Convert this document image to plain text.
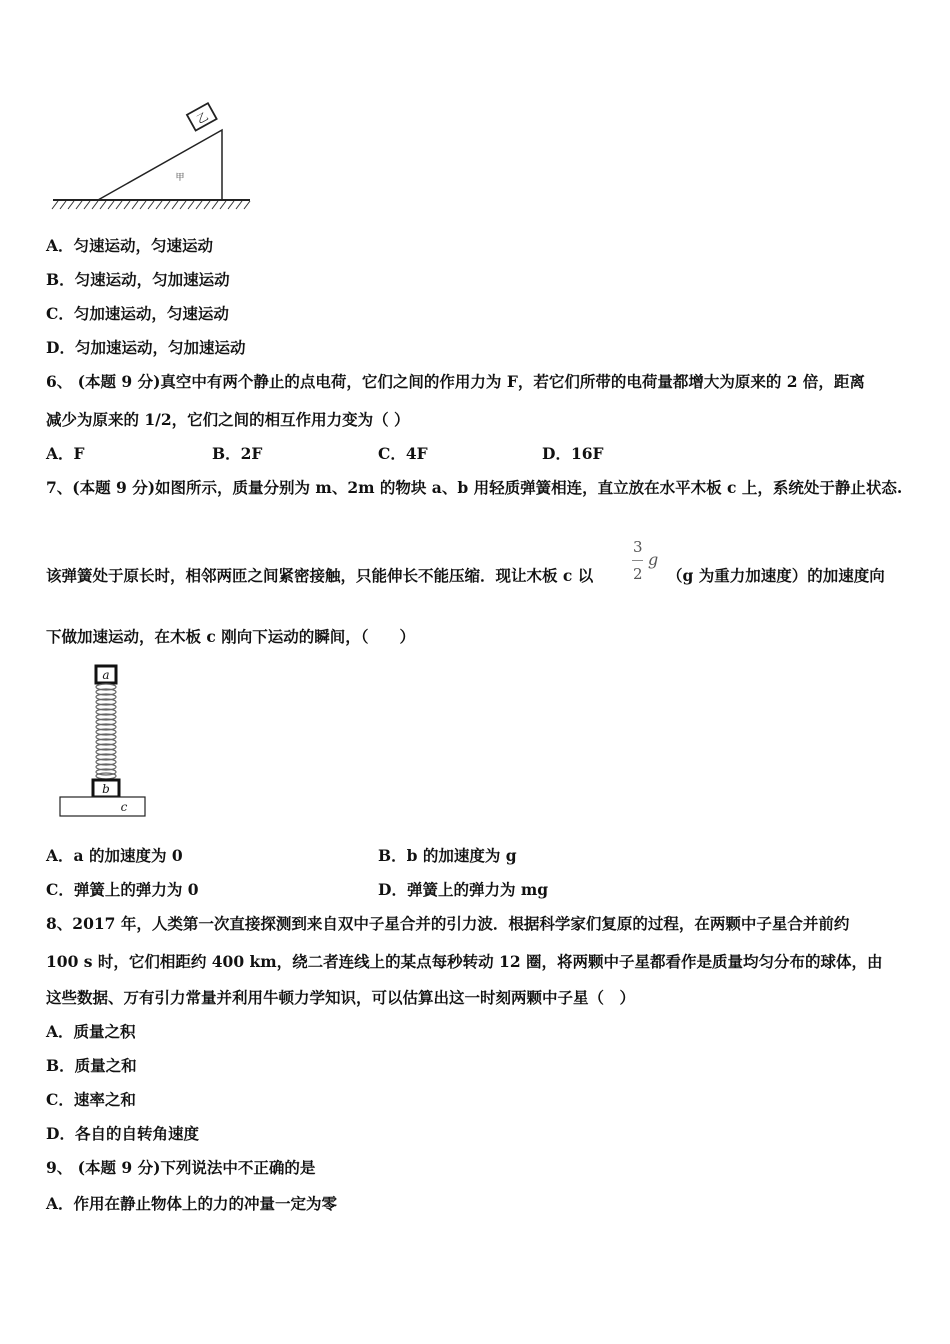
乙
甲
A．匀速运动，匀速运动
B．匀速运动，匀加速运动
C．匀加速运动，匀速运动
D．匀加速运动，匀加速运动
6、 (本题 9 分)真空中有两个静止的点电荷，它们之间的作用力为 F，若它们所带的电荷量都增大为原来的 2 倍，距离
减少为原来的 1/2，它们之间的相互作用力变为（ ）
A．F	B．2F	C．4F	D．16F
7、(本题 9 分)如图所示，质量分别为 m、2m 的物块 a、b 用轻质弹簧相连，直立放在水平木板 c 上，系统处于静止状态.
该弹簧处于原长时，相邻两匝之间紧密接触，只能伸长不能压缩．现让木板 c 以
3
2
g
（g 为重力加速度）的加速度向
下做加速运动，在木板 c 刚向下运动的瞬间，（　　）
a
b
c
A．a 的加速度为 0	B．b 的加速度为 g
C．弹簧上的弹力为 0	D．弹簧上的弹力为 mg
8、2017 年，人类第一次直接探测到来自双中子星合并的引力波．根据科学家们复原的过程，在两颗中子星合并前约
100 s 时，它们相距约 400 km，绕二者连线上的某点每秒转动 12 圈，将两颗中子星都看作是质量均匀分布的球体，由
这些数据、万有引力常量并利用牛顿力学知识，可以估算出这一时刻两颗中子星（　）
A．质量之积
B．质量之和
C．速率之和
D．各自的自转角速度
9、 (本题 9 分)下列说法中不正确的是
A．作用在静止物体上的力的冲量一定为零
